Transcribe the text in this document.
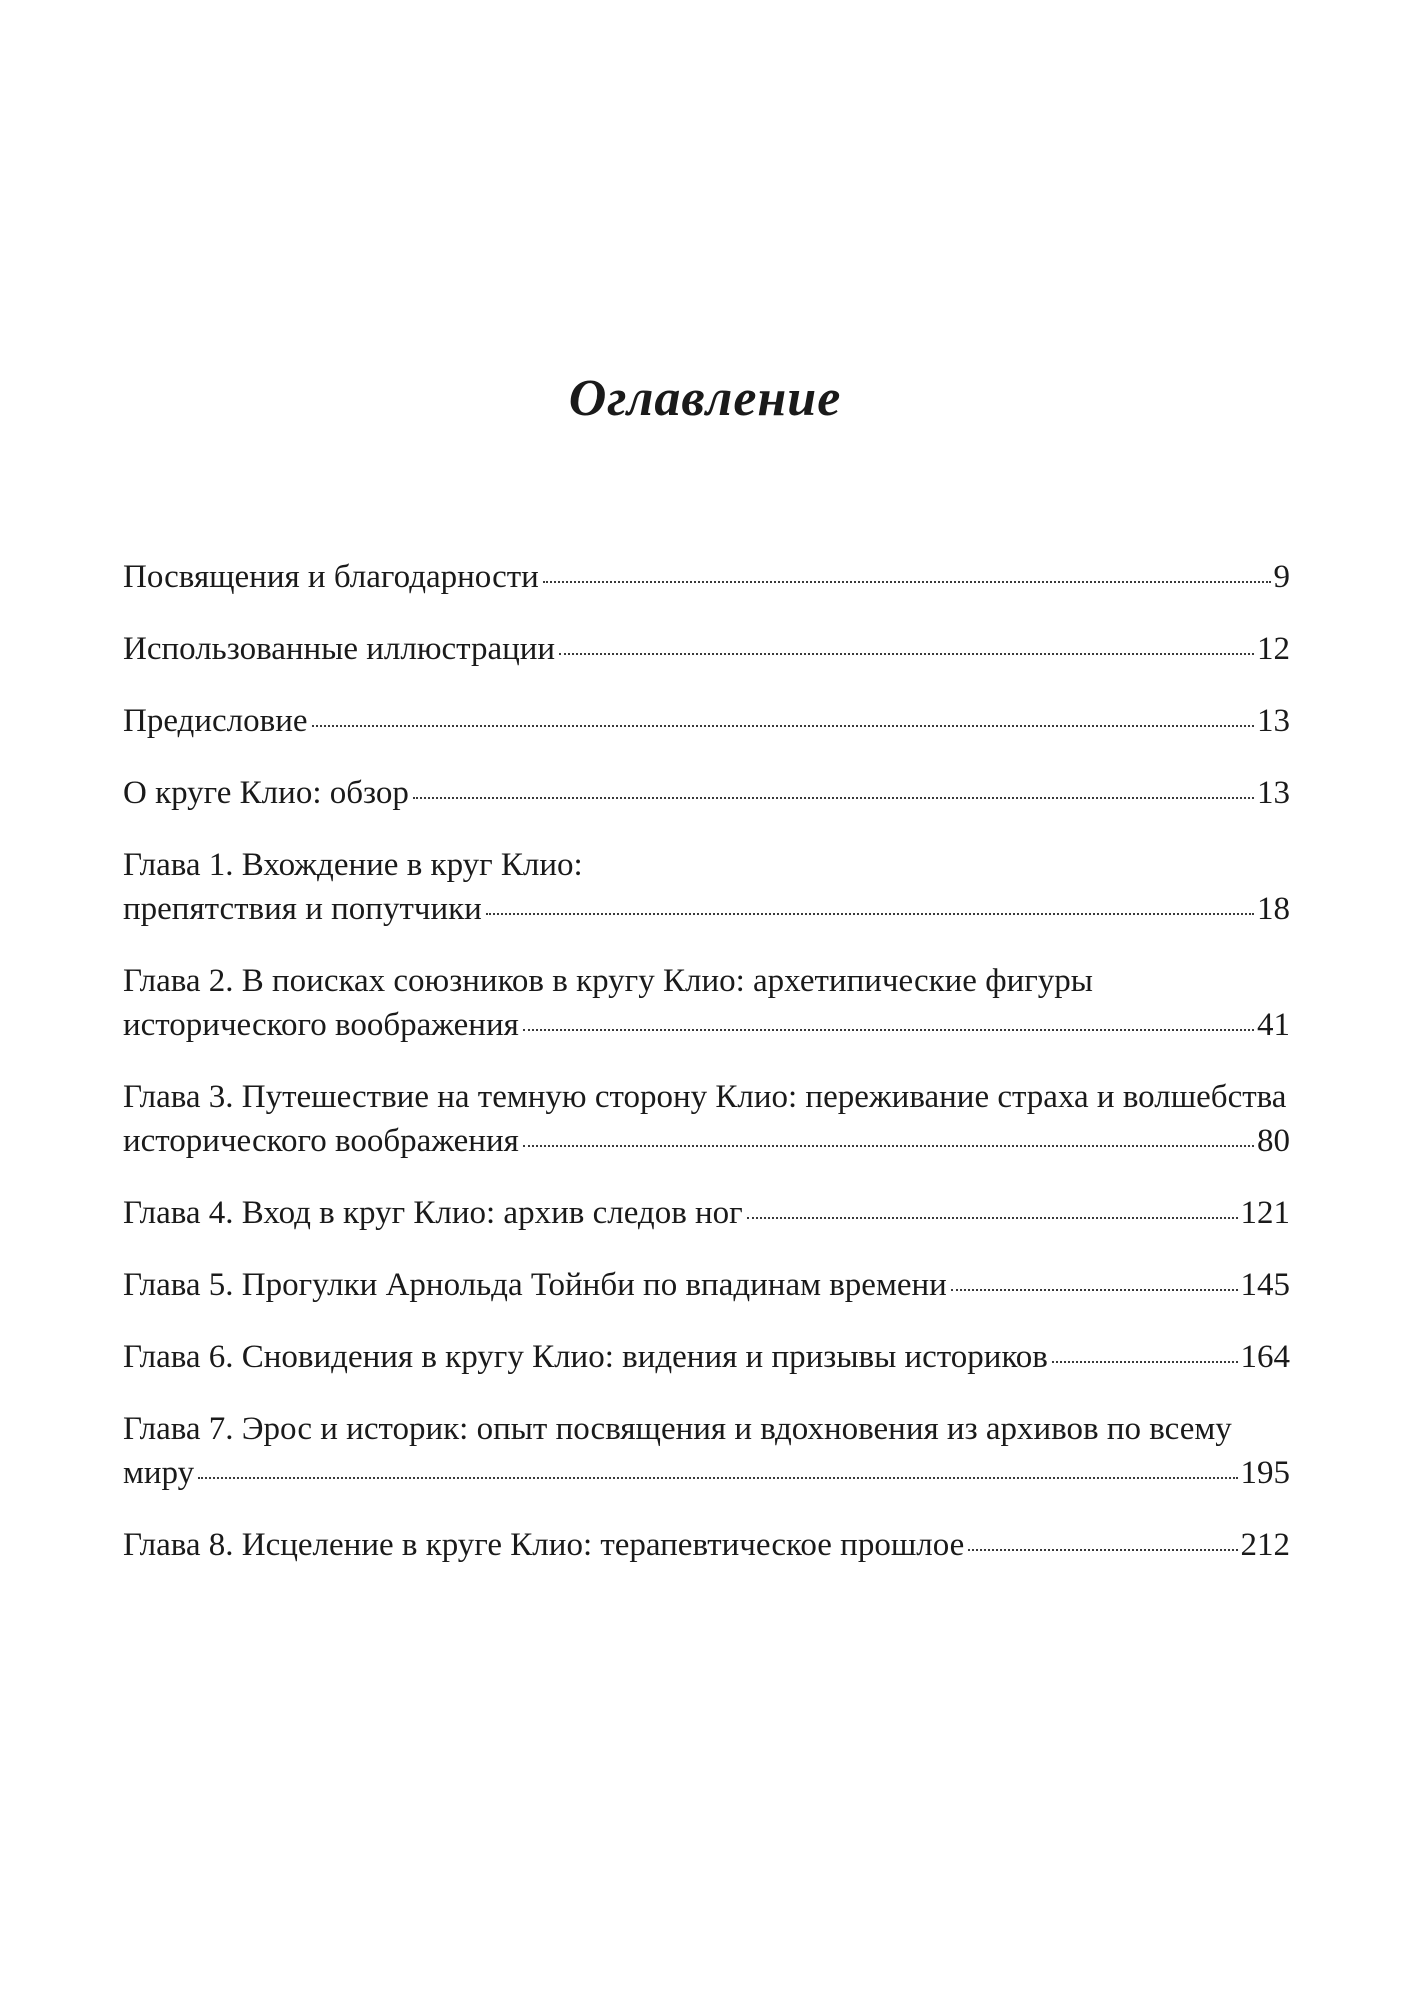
Оглавление
Посвящения и благодарности	9
Использованные иллюстрации	12
Предисловие	13
О круге Клио: обзор	13
Глава 1. Вхождение в круг Клио:
препятствия и попутчики	18
Глава 2. В поисках союзников в кругу Клио: архетипические фигуры
исторического воображения	41
Глава 3. Путешествие на темную сторону Клио: переживание страха и волшебства
исторического воображения	80
Глава 4. Вход в круг Клио: архив следов ног	121
Глава 5. Прогулки Арнольда Тойнби по впадинам времени	145
Глава 6. Сновидения в кругу Клио: видения и призывы историков	164
Глава 7. Эрос и историк: опыт посвящения и вдохновения из архивов по всему
миру	195
Глава 8. Исцеление в круге Клио: терапевтическое прошлое	212
